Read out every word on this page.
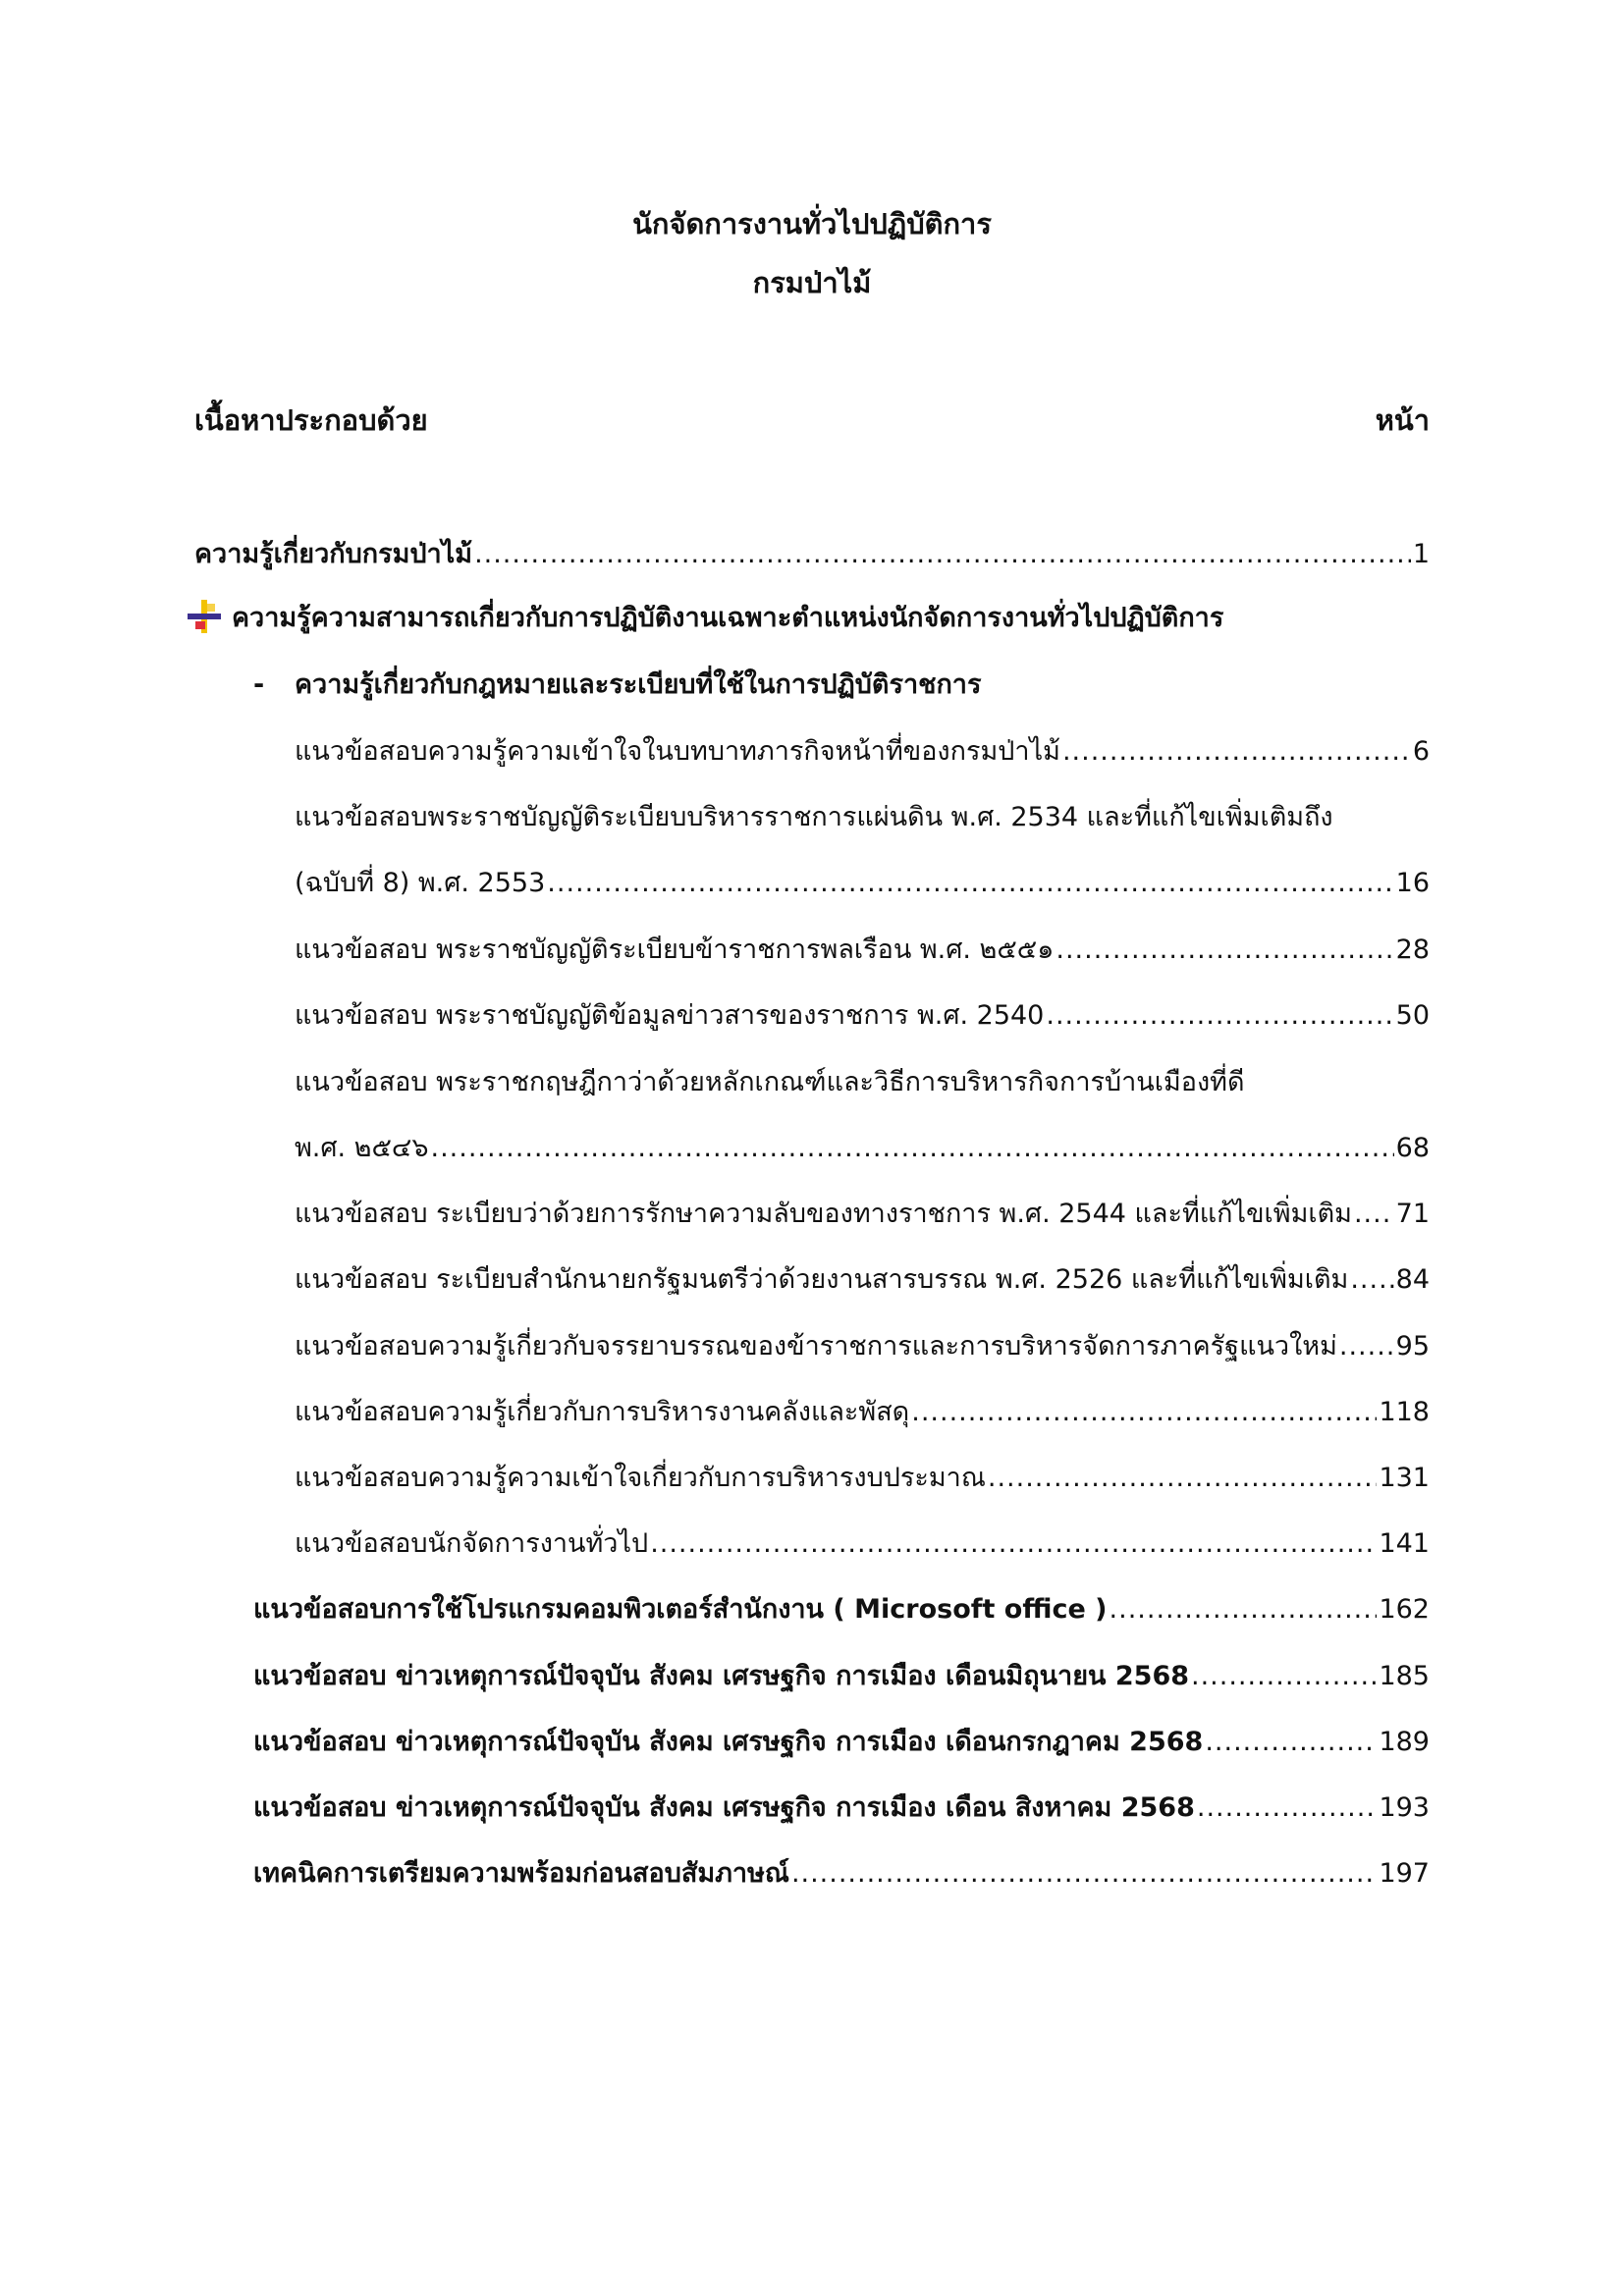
นักจัดการงานทั่วไปปฏิบัติการ
กรมป่าไม้
เนื้อหาประกอบด้วย	หน้า
ความรู้เกี่ยวกับกรมป่าไม้ .....	1
ความรู้ความสามารถเกี่ยวกับการปฏิบัติงานเฉพาะตำแหน่งนักจัดการงานทั่วไปปฏิบัติการ
- ความรู้เกี่ยวกับกฎหมายและระเบียบที่ใช้ในการปฏิบัติราชการ
แนวข้อสอบความรู้ความเข้าใจในบทบาทภารกิจหน้าที่ของกรมป่าไม้ .....	6
แนวข้อสอบพระราชบัญญัติระเบียบบริหารราชการแผ่นดิน พ.ศ. 2534 และที่แก้ไขเพิ่มเติมถึง
(ฉบับที่ 8) พ.ศ. 2553 .....	16
แนวข้อสอบ พระราชบัญญัติระเบียบข้าราชการพลเรือน พ.ศ. ๒๕๕๑ .....	28
แนวข้อสอบ พระราชบัญญัติข้อมูลข่าวสารของราชการ พ.ศ. 2540 .....	50
แนวข้อสอบ พระราชกฤษฎีกาว่าด้วยหลักเกณฑ์และวิธีการบริหารกิจการบ้านเมืองที่ดี
พ.ศ. ๒๕๔๖ .....	68
แนวข้อสอบ ระเบียบว่าด้วยการรักษาความลับของทางราชการ พ.ศ. 2544 และที่แก้ไขเพิ่มเติม ..... 71
แนวข้อสอบ ระเบียบสำนักนายกรัฐมนตรีว่าด้วยงานสารบรรณ พ.ศ. 2526 และที่แก้ไขเพิ่มเติม ..... 84
แนวข้อสอบความรู้เกี่ยวกับจรรยาบรรณของข้าราชการและการบริหารจัดการภาครัฐแนวใหม่ ..... 95
แนวข้อสอบความรู้เกี่ยวกับการบริหารงานคลังและพัสดุ .....	118
แนวข้อสอบความรู้ความเข้าใจเกี่ยวกับการบริหารงบประมาณ .....	131
แนวข้อสอบนักจัดการงานทั่วไป .....	141
แนวข้อสอบการใช้โปรแกรมคอมพิวเตอร์สำนักงาน ( Microsoft office ) .....	162
แนวข้อสอบ ข่าวเหตุการณ์ปัจจุบัน สังคม เศรษฐกิจ การเมือง เดือนมิถุนายน 2568 .....	185
แนวข้อสอบ ข่าวเหตุการณ์ปัจจุบัน สังคม เศรษฐกิจ การเมือง เดือนกรกฎาคม 2568 .....	189
แนวข้อสอบ ข่าวเหตุการณ์ปัจจุบัน สังคม เศรษฐกิจ การเมือง เดือน สิงหาคม 2568 .....	193
เทคนิคการเตรียมความพร้อมก่อนสอบสัมภาษณ์ .....	197
